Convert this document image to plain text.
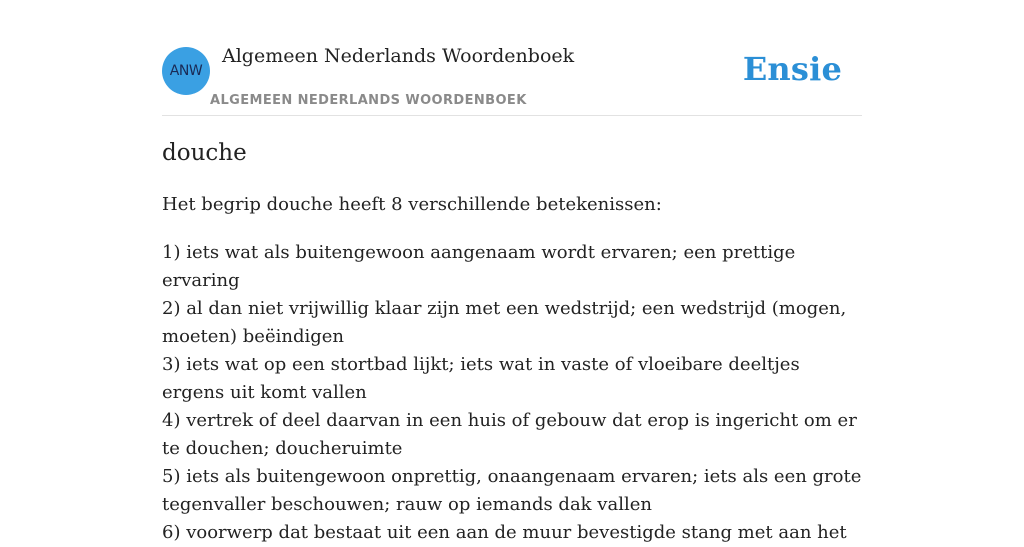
ANW
Algemeen Nederlands Woordenboek
ALGEMEEN NEDERLANDS WOORDENBOEK
Ensie
douche

Het begrip douche heeft 8 verschillende betekenissen:

1) iets wat als buitengewoon aangenaam wordt ervaren; een prettige ervaring
2) al dan niet vrijwillig klaar zijn met een wedstrijd; een wedstrijd (mogen, moeten) beëindigen
3) iets wat op een stortbad lijkt; iets wat in vaste of vloeibare deeltjes ergens uit komt vallen
4) vertrek of deel daarvan in een huis of gebouw dat erop is ingericht om er te douchen; doucheruimte
5) iets als buitengewoon onprettig, onaangenaam ervaren; iets als een grote tegenvaller beschouwen; rauw op iemands dak vallen
6) voorwerp dat bestaat uit een aan de muur bevestigde stang met aan het
